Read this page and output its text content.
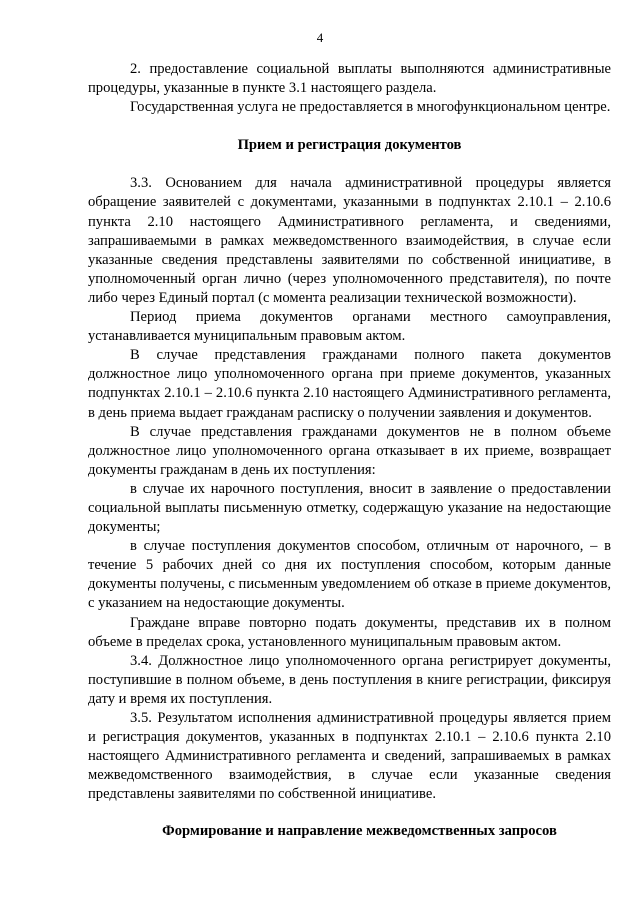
4

2. предоставление социальной выплаты выполняются административные процедуры, указанные в пункте 3.1 настоящего раздела.

Государственная услуга не предоставляется в многофункциональном центре.

Прием и регистрация документов

3.3. Основанием для начала административной процедуры является обращение заявителей с документами, указанными в подпунктах 2.10.1 – 2.10.6 пункта 2.10 настоящего Административного регламента, и сведениями, запрашиваемыми в рамках межведомственного взаимодействия, в случае если указанные сведения представлены заявителями по собственной инициативе, в уполномоченный орган лично (через уполномоченного представителя), по почте либо через Единый портал (с момента реализации технической возможности).

Период приема документов органами местного самоуправления, устанавливается муниципальным правовым актом.

В случае представления гражданами полного пакета документов должностное лицо уполномоченного органа при приеме документов, указанных подпунктах 2.10.1 – 2.10.6 пункта 2.10 настоящего Административного регламента, в день приема выдает гражданам расписку о получении заявления и документов.

В случае представления гражданами документов не в полном объеме должностное лицо уполномоченного органа отказывает в их приеме, возвращает документы гражданам в день их поступления:

в случае их нарочного поступления, вносит в заявление о предоставлении социальной выплаты письменную отметку, содержащую указание на недостающие документы;

в случае поступления документов способом, отличным от нарочного, – в течение 5 рабочих дней со дня их поступления способом, которым данные документы получены, с письменным уведомлением об отказе в приеме документов, с указанием на недостающие документы.

Граждане вправе повторно подать документы, представив их в полном объеме в пределах срока, установленного муниципальным правовым актом.

3.4. Должностное лицо уполномоченного органа регистрирует документы, поступившие в полном объеме, в день поступления в книге регистрации, фиксируя дату и время их поступления.

3.5. Результатом исполнения административной процедуры является прием и регистрация документов, указанных в подпунктах 2.10.1 – 2.10.6 пункта 2.10 настоящего Административного регламента и сведений, запрашиваемых в рамках межведомственного взаимодействия, в случае если указанные сведения представлены заявителями по собственной инициативе.

Формирование и направление межведомственных запросов
